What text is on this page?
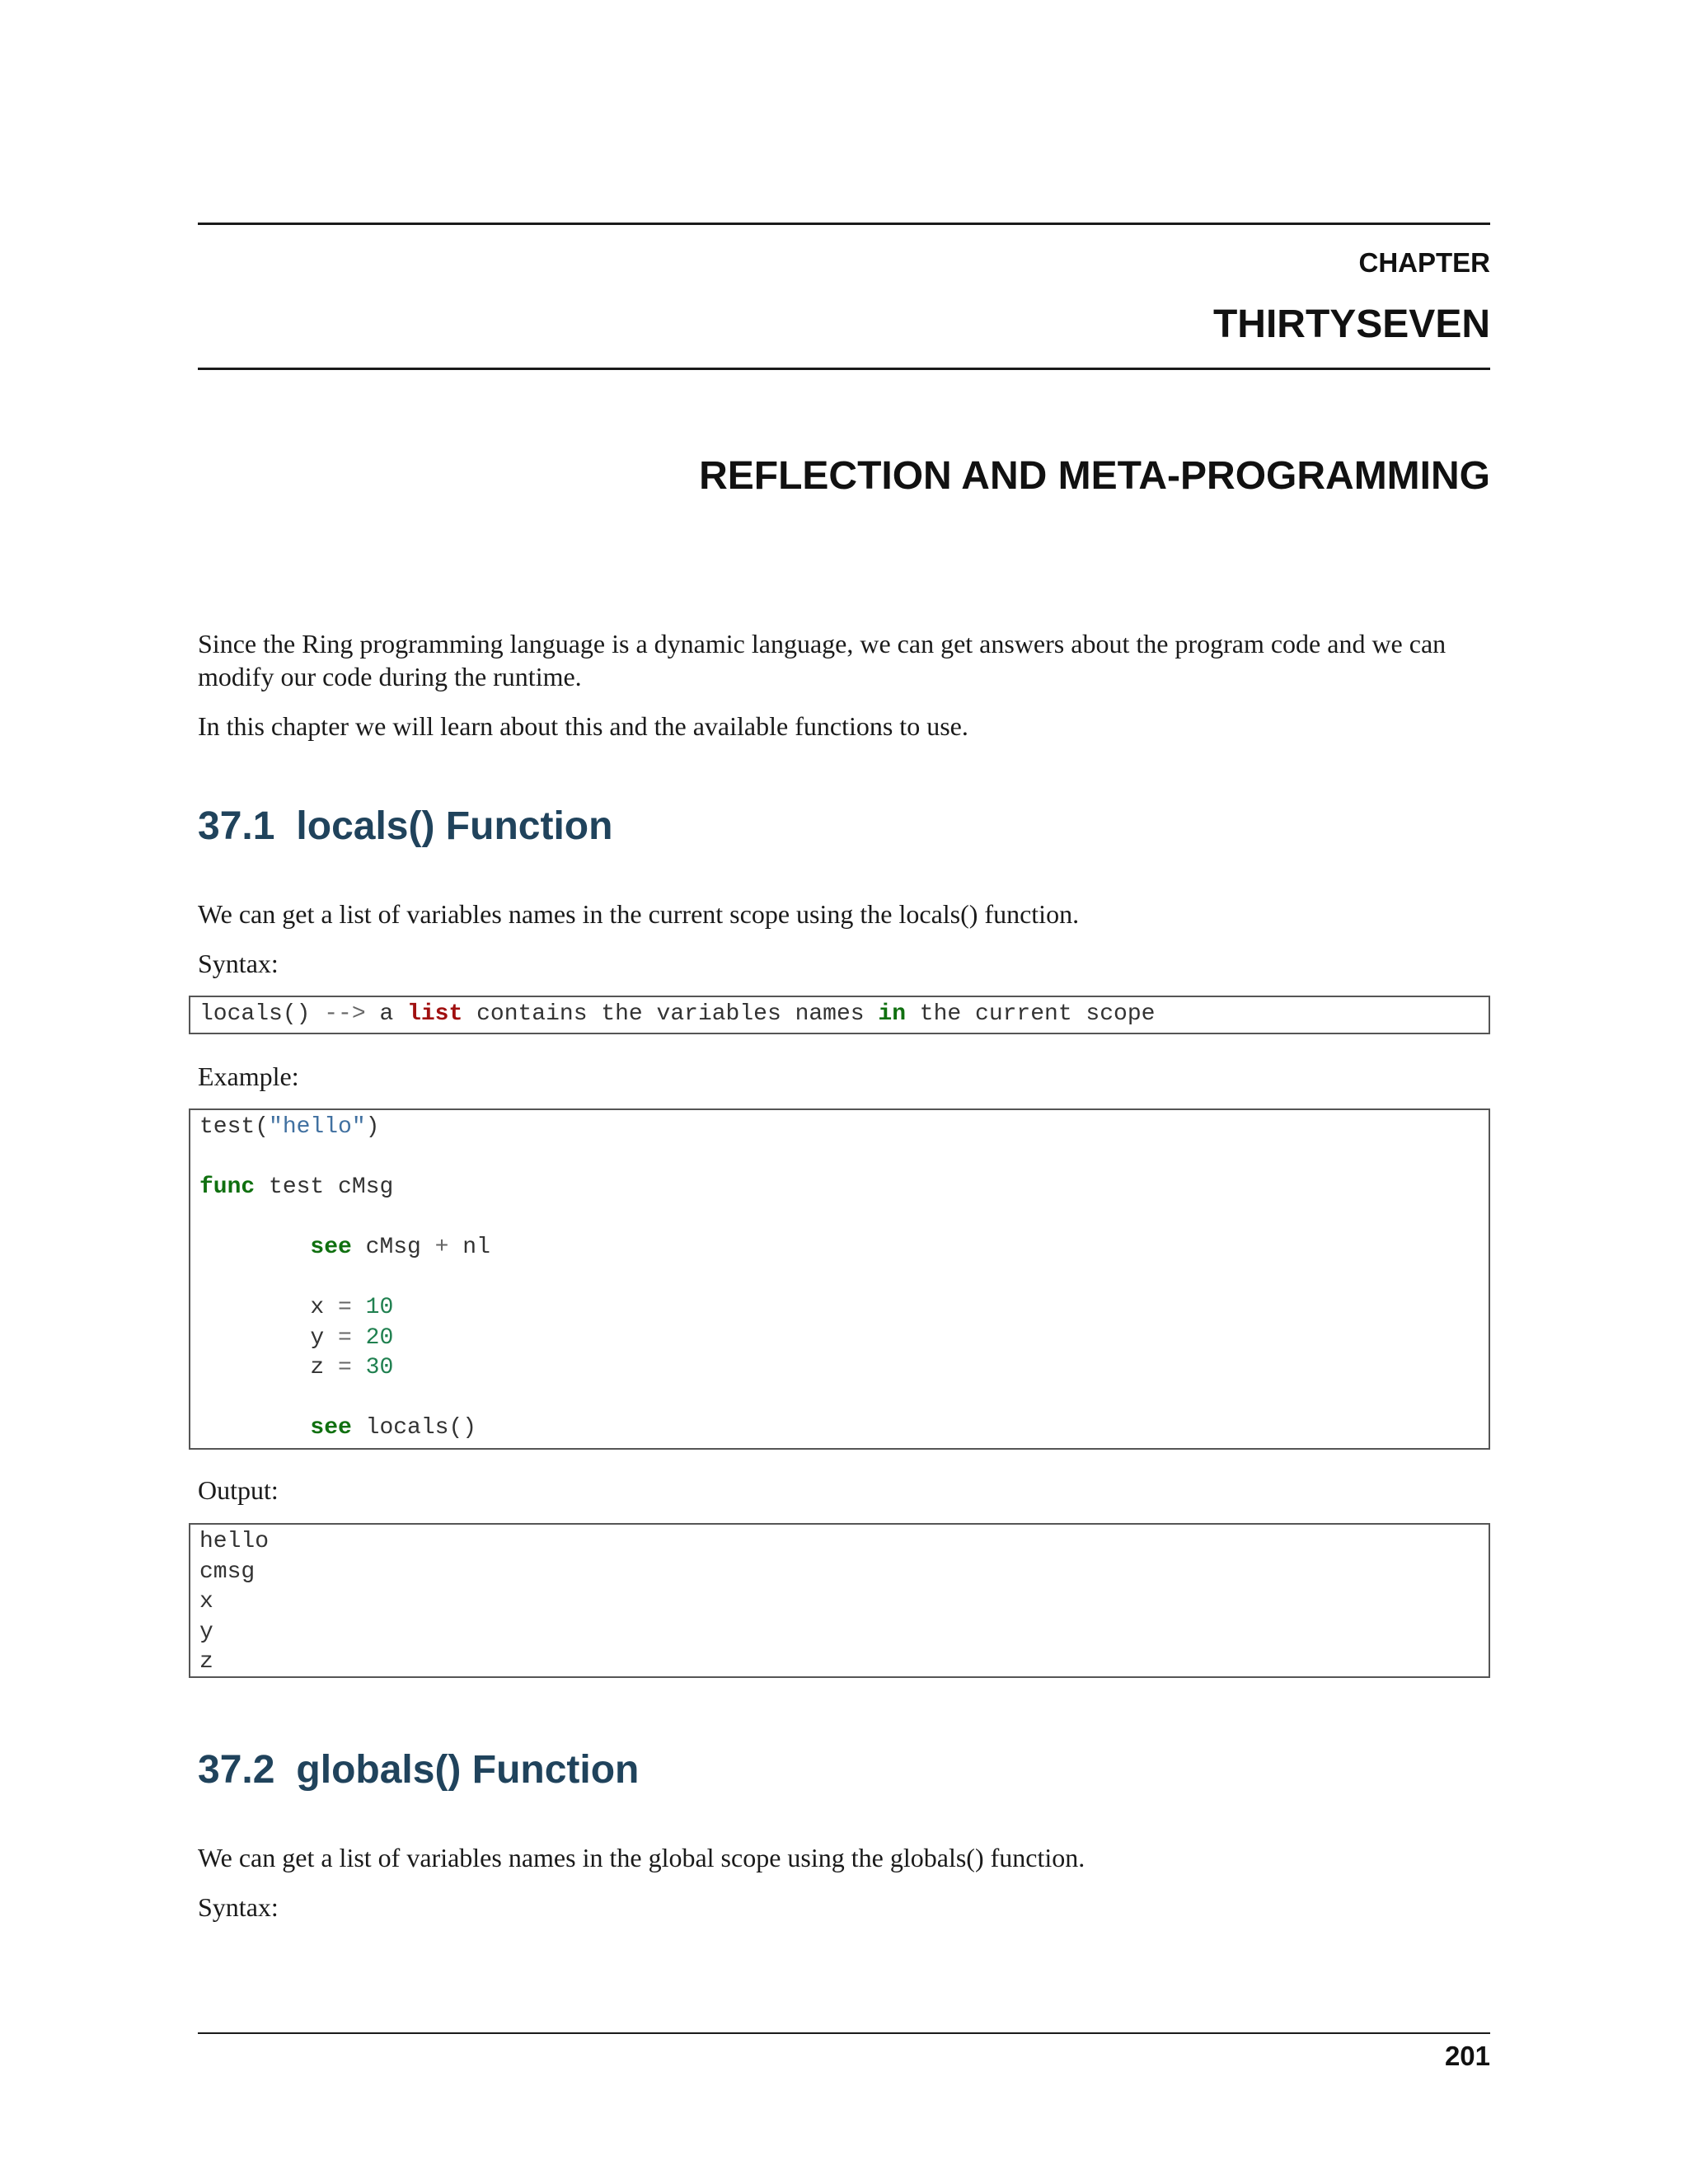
CHAPTER
THIRTYSEVEN
REFLECTION AND META-PROGRAMMING
Since the Ring programming language is a dynamic language, we can get answers about the program code and we can modify our code during the runtime.
In this chapter we will learn about this and the available functions to use.
37.1 locals() Function
We can get a list of variables names in the current scope using the locals() function.
Syntax:
locals() --> a list contains the variables names in the current scope
Example:
test("hello")
func test cMsg
see cMsg + nl
x = 10
y = 20
z = 30
see locals()
Output:
hello
cmsg
x
y
z
37.2 globals() Function
We can get a list of variables names in the global scope using the globals() function.
Syntax:
201
